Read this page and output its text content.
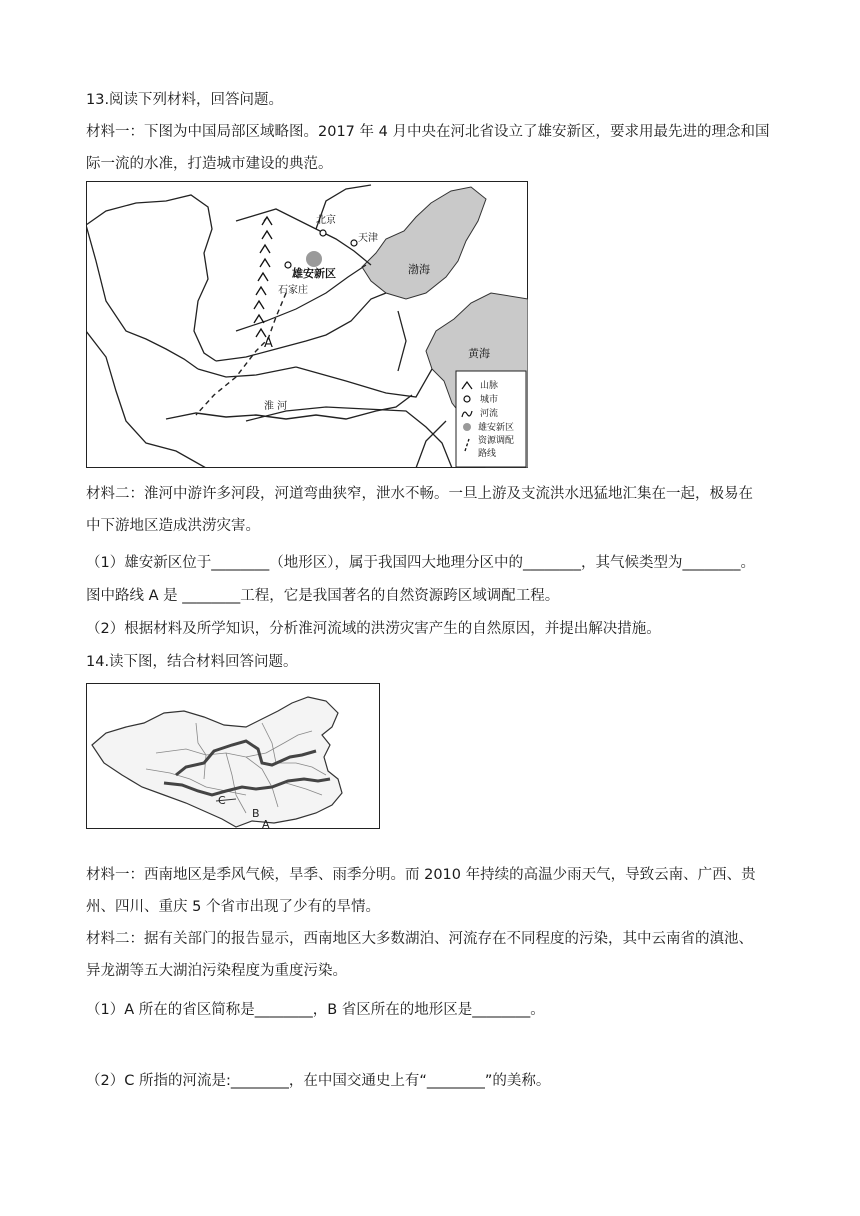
13.阅读下列材料，回答问题。
材料一：下图为中国局部区域略图。2017 年 4 月中央在河北省设立了雄安新区，要求用最先进的理念和国
际一流的水准，打造城市建设的典范。
北京
天津
雄安新区
石家庄
渤海
黄海
淮 河
A
山脉
城市
河流
雄安新区
资源调配
路线
材料二：淮河中游许多河段，河道弯曲狭窄，泄水不畅。一旦上游及支流洪水迅猛地汇集在一起，极易在
中下游地区造成洪涝灾害。
（1）雄安新区位于________（地形区），属于我国四大地理分区中的________，其气候类型为________。
图中路线 A 是 ________工程，它是我国著名的自然资源跨区域调配工程。
（2）根据材料及所学知识，分析淮河流域的洪涝灾害产生的自然原因，并提出解决措施。
14.读下图，结合材料回答问题。
C
B
A
材料一：西南地区是季风气候，旱季、雨季分明。而 2010 年持续的高温少雨天气，导致云南、广西、贵
州、四川、重庆 5 个省市出现了少有的旱情。
材料二：据有关部门的报告显示，西南地区大多数湖泊、河流存在不同程度的污染，其中云南省的滇池、
异龙湖等五大湖泊污染程度为重度污染。
（1）A 所在的省区简称是________，B 省区所在的地形区是________。
（2）C 所指的河流是:________，在中国交通史上有“________”的美称。
